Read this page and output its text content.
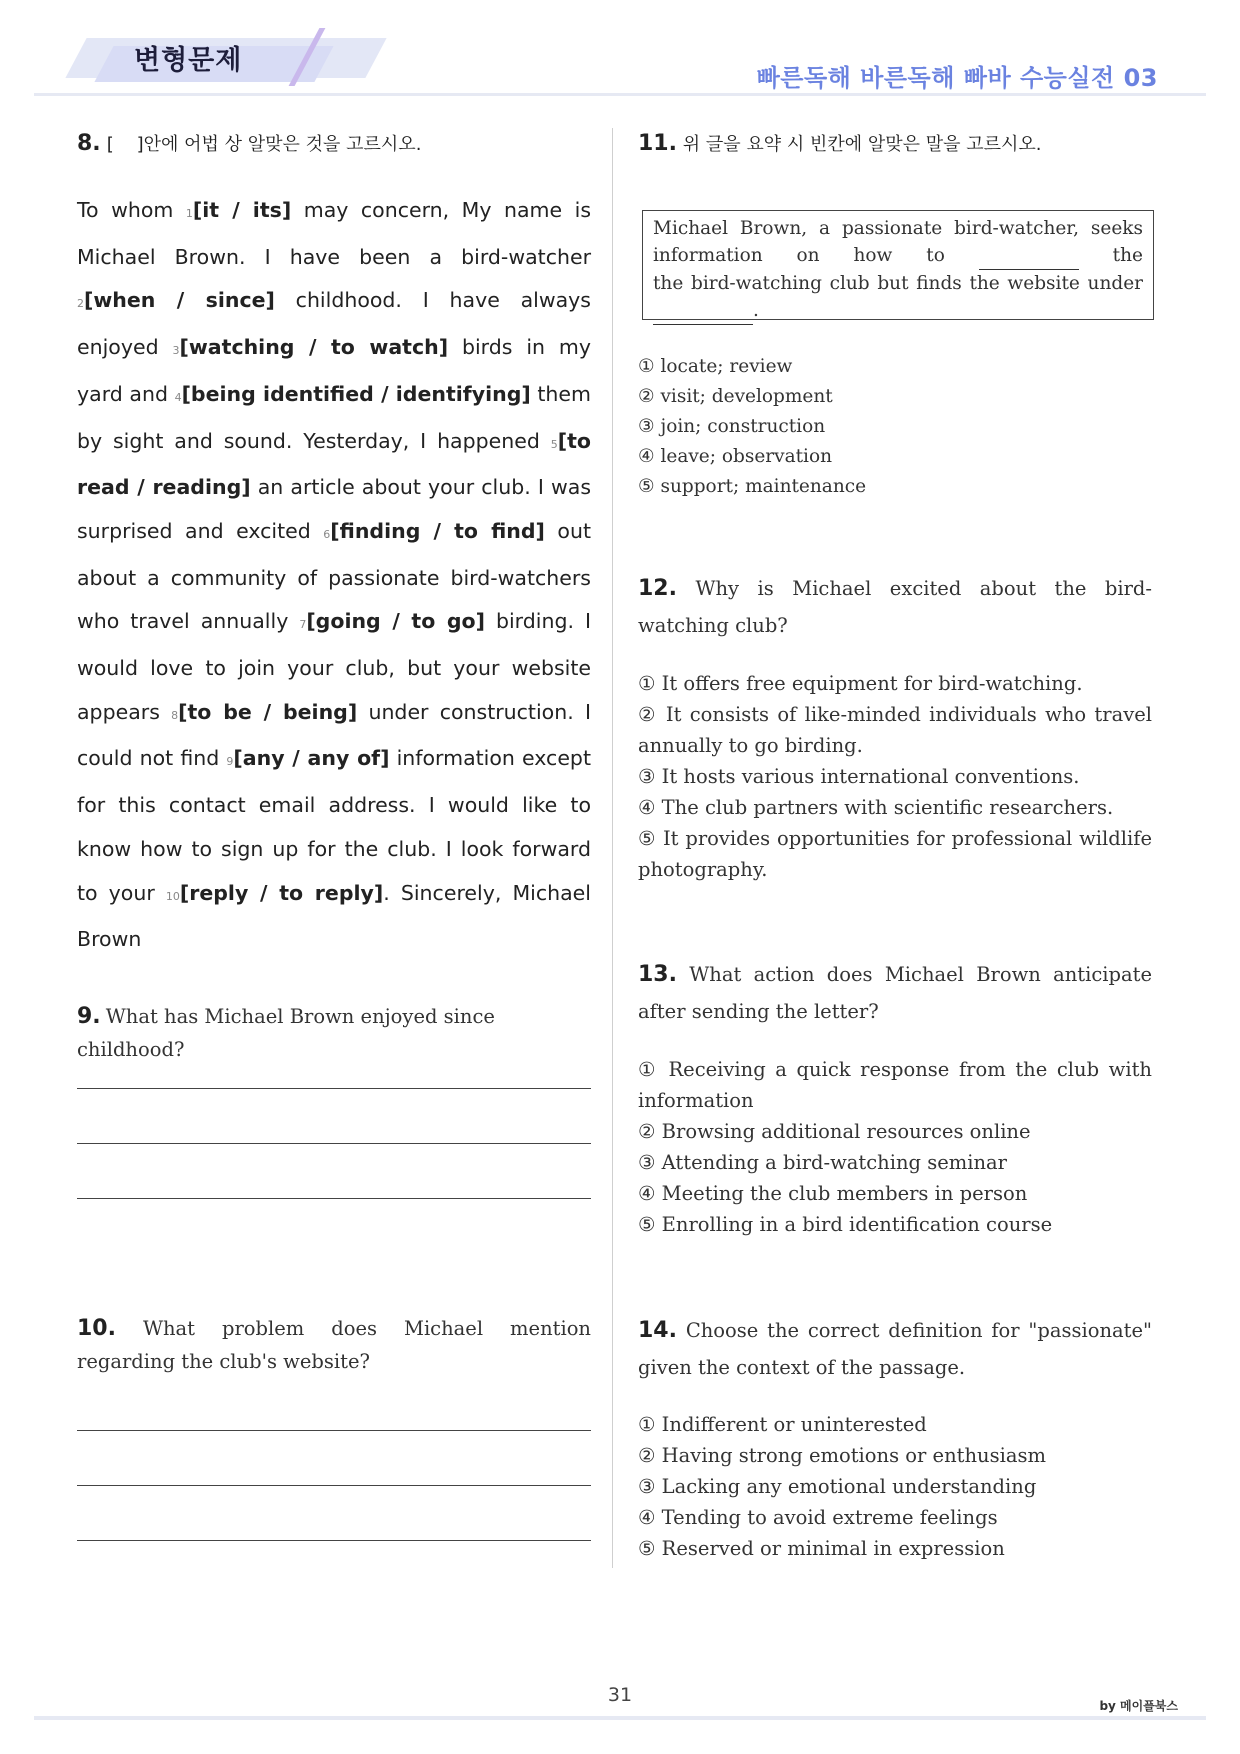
변형문제
빠른독해 바른독해 빠바 수능실전 03
8. [    ]안에 어법 상 알맞은 것을 고르시오.
To whom 1[it / its] may concern, My name is Michael Brown. I have been a bird-watcher 2[when / since] childhood. I have always enjoyed 3[watching / to watch] birds in my yard and 4[being identified / identifying] them by sight and sound. Yesterday, I happened 5[to read / reading] an article about your club. I was surprised and excited 6[finding / to find] out about a community of passionate bird-watchers who travel annually 7[going / to go] birding. I would love to join your club, but your website appears 8[to be / being] under construction. I could not find 9[any / any of] information except for this contact email address. I would like to know how to sign up for the club. I look forward to your 10[reply / to reply]. Sincerely, Michael Brown
9. What has Michael Brown enjoyed since childhood?
10. What problem does Michael mention regarding the club's website?
11. 위 글을 요약 시 빈칸에 알맞은 말을 고르시오.
Michael Brown, a passionate bird-watcher, seeks information on how to	the
the bird-watching club but finds the website under  .
① locate; review
② visit; development
③ join; construction
④ leave; observation
⑤ support; maintenance
12. Why is Michael excited about the bird-watching club?
① It offers free equipment for bird-watching.
② It consists of like-minded individuals who travel annually to go birding.
③ It hosts various international conventions.
④ The club partners with scientific researchers.
⑤ It provides opportunities for professional wildlife photography.
13. What action does Michael Brown anticipate after sending the letter?
① Receiving a quick response from the club with information
② Browsing additional resources online
③ Attending a bird-watching seminar
④ Meeting the club members in person
⑤ Enrolling in a bird identification course
14. Choose the correct definition for "passionate" given the context of the passage.
① Indifferent or uninterested
② Having strong emotions or enthusiasm
③ Lacking any emotional understanding
④ Tending to avoid extreme feelings
⑤ Reserved or minimal in expression
31	by 메이플북스
